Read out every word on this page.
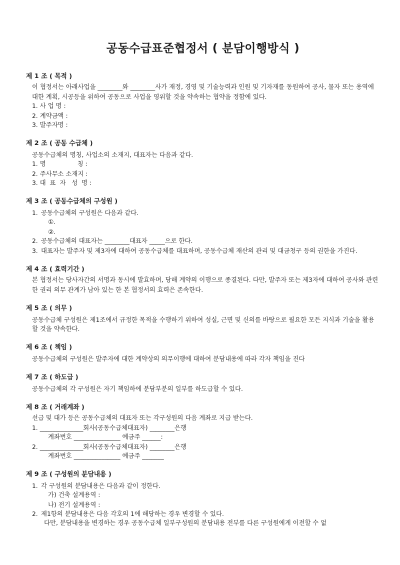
공동수급표준협정서 ( 분담이행방식 )
제 1 조 ( 목적 )
이 협정서는 아래사업을 ________와 ________사가 재정, 경영 및 기술능력과 인원 및 기자재를 동원하여 공사, 물자 또는 용역에 대한 계획, 시공등을 위하여 공동으로 사업을 영위할 것을 약속하는 협약을 정함에 있다.
1. 사 업 명 :
2. 계약금액 :
3. 발주자명 :
제 2 조 ( 공동 수급체 )
공동수급체의 명칭, 사업소의 소재지, 대표자는 다음과 같다.
1. 명                칭 :
2. 주사무소 소재지 :
3. 대  표  자   성  명 :
제 3 조 ( 공동수급체의 구성원 )
1. 공동수급체의 구성원은 다음과 같다.
①.
②.
2. 공동수급체의 대표자는 ________대표자 _____으로 한다.
3. 대표자는 발주자 및 제3자에 대하여 공동수급체를 대표하며, 공동수급체 재산의 관리 및 대금청구 등의 권한을 가진다.
제 4 조 ( 효력기간 )
본 협정서는 당사자간의 서명과 동시에 발효하며, 당해 계약의 이행으로 종결된다. 다만, 발주자 또는 제3자에 대하여 공사와 관련한 권리 의무 관계가 남아 있는 한 본 협정서의 효력은 존속한다.
제 5 조 ( 의무 )
공동수급체 구성원은 제1조에서 규정한 목적을 수행하기 위하여 성실, 근면 및 신의를 바탕으로 필요한 모든 지식과 기술을 활용할 것을 약속한다.
제 6 조 ( 책임 )
공동수급체의 구성원은 발주자에 대한 계약상의 의무이행에 대하여 분담내용에 따라 각자 책임을 진다
제 7 조 ( 하도급 )
공동수급체의 각 구성원은 자기 책임하에 분담부분의 일부를 하도급할 수 있다.
제 8 조 ( 거래계좌 )
선급 및 대가 등은 공동수급체의 대표자 또는 각구성원의 다음 계좌로 지급 받는다.
1. ______________회사(공동수급체대표자) ________은행
계좌번호 _______________ 예금주 ______:
2. ______________회사(공동수급체대표자) ________은행
계좌번호 _______________ 예금주 _______
제 9 조 ( 구성원의 분담내용 )
1. 각 구성원의 분담내용은 다음과 같이 정한다.
가) 건축 설계용역 :
나) 전기 설계용역 :
2. 제1항의 분담내용은 다음 각호의 1에 해당하는 경우 변경할 수 있다.
다만, 분담내용을 변경하는 경우 공동수급체 일부구성원의 분담내용 전부를 다른 구성원에게 이전할 수 없
